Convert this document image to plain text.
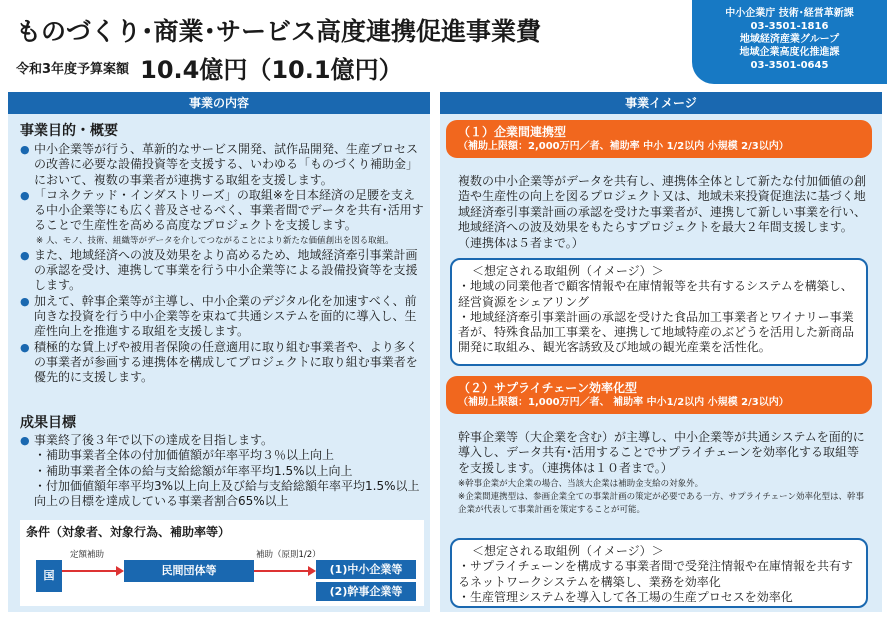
ものづくり･商業･サービス高度連携促進事業費
令和3年度予算案額 10.4億円（10.1億円）
中小企業庁 技術･経営革新課
03-3501-1816
地域経済産業グループ
地域企業高度化推進課
03-3501-0645
事業の内容
事業目的・概要
● 中小企業等が行う、革新的なサービス開発、試作品開発、生産プロセスの改善に必要な設備投資等を支援する、いわゆる「ものづくり補助金」において、複数の事業者が連携する取組を支援します。
● 「コネクテッド・インダストリーズ」の取組※を日本経済の足腰を支える中小企業等にも広く普及させるべく、事業者間でデータを共有･活用することで生産性を高める高度なプロジェクトを支援します。
※ 人、モノ、技術、組織等がデータを介してつながることにより新たな価値創出を図る取組。
● また、地域経済への波及効果をより高めるため、地域経済牽引事業計画の承認を受け、連携して事業を行う中小企業等による設備投資等を支援します。
● 加えて、幹事企業等が主導し、中小企業のデジタル化を加速すべく、前向きな投資を行う中小企業等を束ねて共通システムを面的に導入し、生産性向上を推進する取組を支援します。
● 積極的な賃上げや被用者保険の任意適用に取り組む事業者や、より多くの事業者が参画する連携体を構成してプロジェクトに取り組む事業者を優先的に支援します。
成果目標
● 事業終了後３年で以下の達成を目指します。
・補助事業者全体の付加価値額が年率平均３％以上向上
・補助事業者全体の給与支給総額が年率平均1.5%以上向上
・付加価値額年率平均3%以上向上及び給与支給総額年率平均1.5%以上向上の目標を達成している事業者割合65%以上
条件（対象者、対象行為、補助率等）
国
定額補助
民間団体等
補助（原則1/2）
(1)中小企業等
(2)幹事企業等
事業イメージ
（１）企業間連携型
（補助上限額：2,000万円／者、補助率 中小 1/2以内 小規模 2/3以内）
複数の中小企業等がデータを共有し、連携体全体として新たな付加価値の創造や生産性の向上を図るプロジェクト又は、地域未来投資促進法に基づく地域経済牽引事業計画の承認を受けた事業者が、連携して新しい事業を行い、地域経済への波及効果をもたらすプロジェクトを最大２年間支援します。（連携体は５者まで。）
＜想定される取組例（イメージ）＞
・地域の同業他者で顧客情報や在庫情報等を共有するシステムを構築し、経営資源をシェアリング
・地域経済牽引事業計画の承認を受けた食品加工事業者とワイナリー事業者が、特殊食品加工事業を、連携して地域特産のぶどうを活用した新商品開発に取組み、観光客誘致及び地域の観光産業を活性化。
（２）サプライチェーン効率化型
（補助上限額：1,000万円／者、 補助率 中小1/2以内 小規模 2/3以内）
幹事企業等（大企業を含む）が主導し、中小企業等が共通システムを面的に導入し、データ共有･活用することでサプライチェーンを効率化する取組等を支援します。（連携体は１０者まで。）
※幹事企業が大企業の場合、当該大企業は補助金支給の対象外。
※企業間連携型は、参画企業全ての事業計画の策定が必要である一方、サプライチェーン効率化型は、幹事企業が代表して事業計画を策定することが可能。
＜想定される取組例（イメージ）＞
・サプライチェーンを構成する事業者間で受発注情報や在庫情報を共有するネットワークシステムを構築し、業務を効率化
・生産管理システムを導入して各工場の生産プロセスを効率化
